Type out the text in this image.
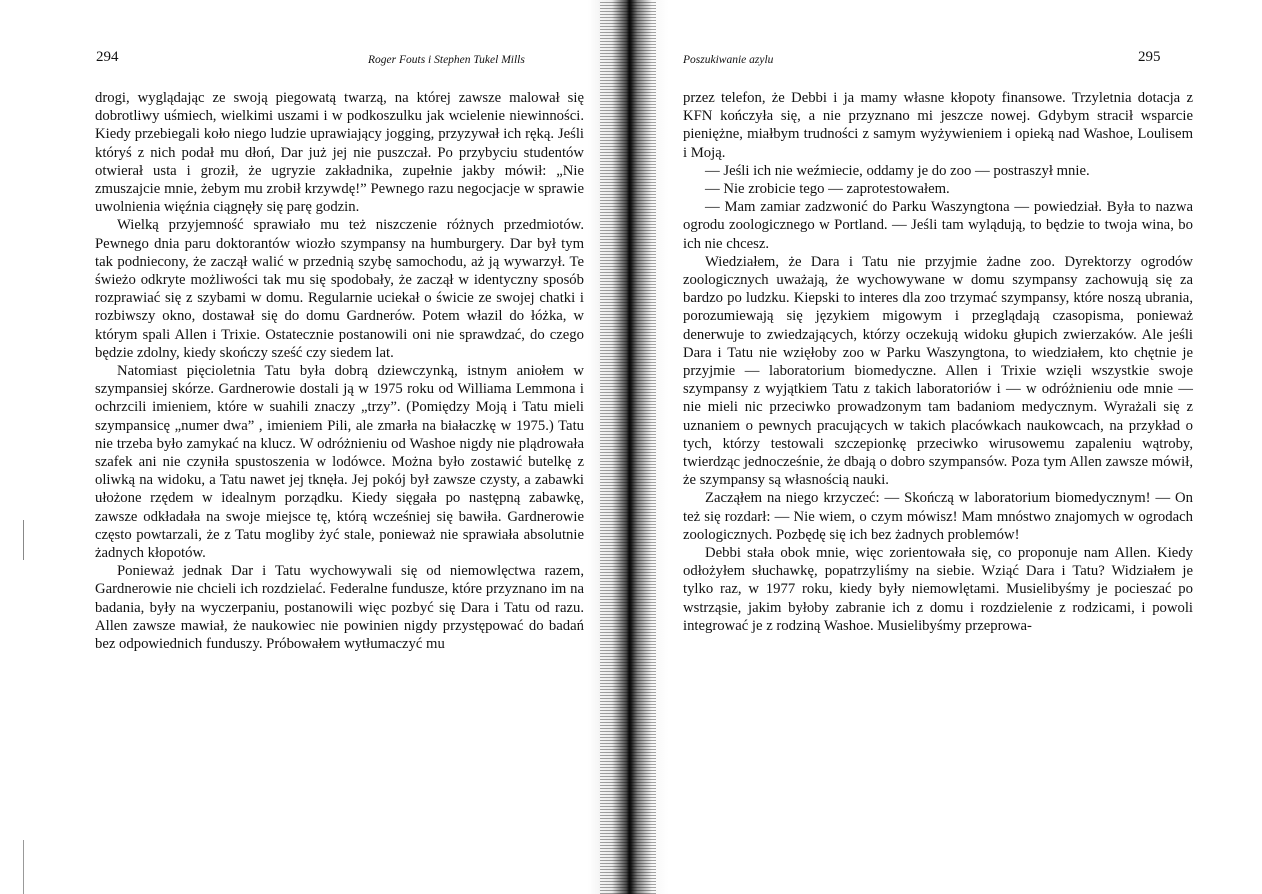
294	Roger Fouts i Stephen Tukel Mills

drogi, wyglądając ze swoją piegowatą twarzą, na której zawsze malował się dobrotliwy uśmiech, wielkimi uszami i w podkoszulku jak wcielenie niewinności. Kiedy przebiegali koło niego ludzie uprawiający jogging, przyzywał ich ręką. Jeśli któryś z nich podał mu dłoń, Dar już jej nie puszczał. Po przybyciu studentów otwierał usta i groził, że ugryzie zakładnika, zupełnie jakby mówił: „Nie zmuszajcie mnie, żebym mu zrobił krzywdę!” Pewnego razu negocjacje w sprawie uwolnienia więźnia ciągnęły się parę godzin.

Wielką przyjemność sprawiało mu też niszczenie różnych przedmiotów. Pewnego dnia paru doktorantów wiozło szympansy na humburgery. Dar był tym tak podniecony, że zaczął walić w przednią szybę samochodu, aż ją wywarzył. Te świeżo odkryte możliwości tak mu się spodobały, że zaczął w identyczny sposób rozprawiać się z szybami w domu. Regularnie uciekał o świcie ze swojej chatki i rozbiwszy okno, dostawał się do domu Gardnerów. Potem włazil do łóżka, w którym spali Allen i Trixie. Ostatecznie postanowili oni nie sprawdzać, do czego będzie zdolny, kiedy skończy sześć czy siedem lat.

Natomiast pięcioletnia Tatu była dobrą dziewczynką, istnym aniołem w szympansiej skórze. Gardnerowie dostali ją w 1975 roku od Williama Lemmona i ochrzcili imieniem, które w suahili znaczy „trzy”. (Pomiędzy Moją i Tatu mieli szympansicę „numer dwa” , imieniem Pili, ale zmarła na białaczkę w 1975.) Tatu nie trzeba było zamykać na klucz. W odróżnieniu od Washoe nigdy nie plądrowała szafek ani nie czyniła spustoszenia w lodówce. Można było zostawić butelkę z oliwką na widoku, a Tatu nawet jej tknęła. Jej pokój był zawsze czysty, a zabawki ułożone rzędem w idealnym porządku. Kiedy sięgała po następną zabawkę, zawsze odkładała na swoje miejsce tę, którą wcześniej się bawiła. Gardnerowie często powtarzali, że z Tatu mogliby żyć stale, ponieważ nie sprawiała absolutnie żadnych kłopotów.

Ponieważ jednak Dar i Tatu wychowywali się od niemowlęctwa razem, Gardnerowie nie chcieli ich rozdzielać. Federalne fundusze, które przyznano im na badania, były na wyczerpaniu, postanowili więc pozbyć się Dara i Tatu od razu. Allen zawsze mawiał, że naukowiec nie powinien nigdy przystępować do badań bez odpowiednich funduszy. Próbowałem wytłumaczyć mu

Poszukiwanie azylu	295

przez telefon, że Debbi i ja mamy własne kłopoty finansowe. Trzyletnia dotacja z KFN kończyła się, a nie przyznano mi jeszcze nowej. Gdybym stracił wsparcie pieniężne, miałbym trudności z samym wyżywieniem i opieką nad Washoe, Loulisem i Moją.

— Jeśli ich nie weźmiecie, oddamy je do zoo — postraszył mnie.

— Nie zrobicie tego — zaprotestowałem.

— Mam zamiar zadzwonić do Parku Waszyngtona — powiedział. Była to nazwa ogrodu zoologicznego w Portland. — Jeśli tam wylądują, to będzie to twoja wina, bo ich nie chcesz.

Wiedziałem, że Dara i Tatu nie przyjmie żadne zoo. Dyrektorzy ogrodów zoologicznych uważają, że wychowywane w domu szympansy zachowują się za bardzo po ludzku. Kiepski to interes dla zoo trzymać szympansy, które noszą ubrania, porozumiewają się językiem migowym i przeglądają czasopisma, ponieważ denerwuje to zwiedzających, którzy oczekują widoku głupich zwierzaków. Ale jeśli Dara i Tatu nie wzięłoby zoo w Parku Waszyngtona, to wiedziałem, kto chętnie je przyjmie — laboratorium biomedyczne. Allen i Trixie wzięli wszystkie swoje szympansy z wyjątkiem Tatu z takich laboratoriów i — w odróżnieniu ode mnie — nie mieli nic przeciwko prowadzonym tam badaniom medycznym. Wyrażali się z uznaniem o pewnych pracujących w takich placówkach naukowcach, na przykład o tych, którzy testowali szczepionkę przeciwko wirusowemu zapaleniu wątroby, twierdząc jednocześnie, że dbają o dobro szympansów. Poza tym Allen zawsze mówił, że szympansy są własnością nauki.

Zacząłem na niego krzyczeć: — Skończą w laboratorium biomedycznym! — On też się rozdarł: — Nie wiem, o czym mówisz! Mam mnóstwo znajomych w ogrodach zoologicznych. Pozbędę się ich bez żadnych problemów!

Debbi stała obok mnie, więc zorientowała się, co proponuje nam Allen. Kiedy odłożyłem słuchawkę, popatrzyliśmy na siebie. Wziąć Dara i Tatu? Widziałem je tylko raz, w 1977 roku, kiedy były niemowlętami. Musielibyśmy je pocieszać po wstrząsie, jakim byłoby zabranie ich z domu i rozdzielenie z rodzicami, i powoli integrować je z rodziną Washoe. Musielibyśmy przeprowa-
